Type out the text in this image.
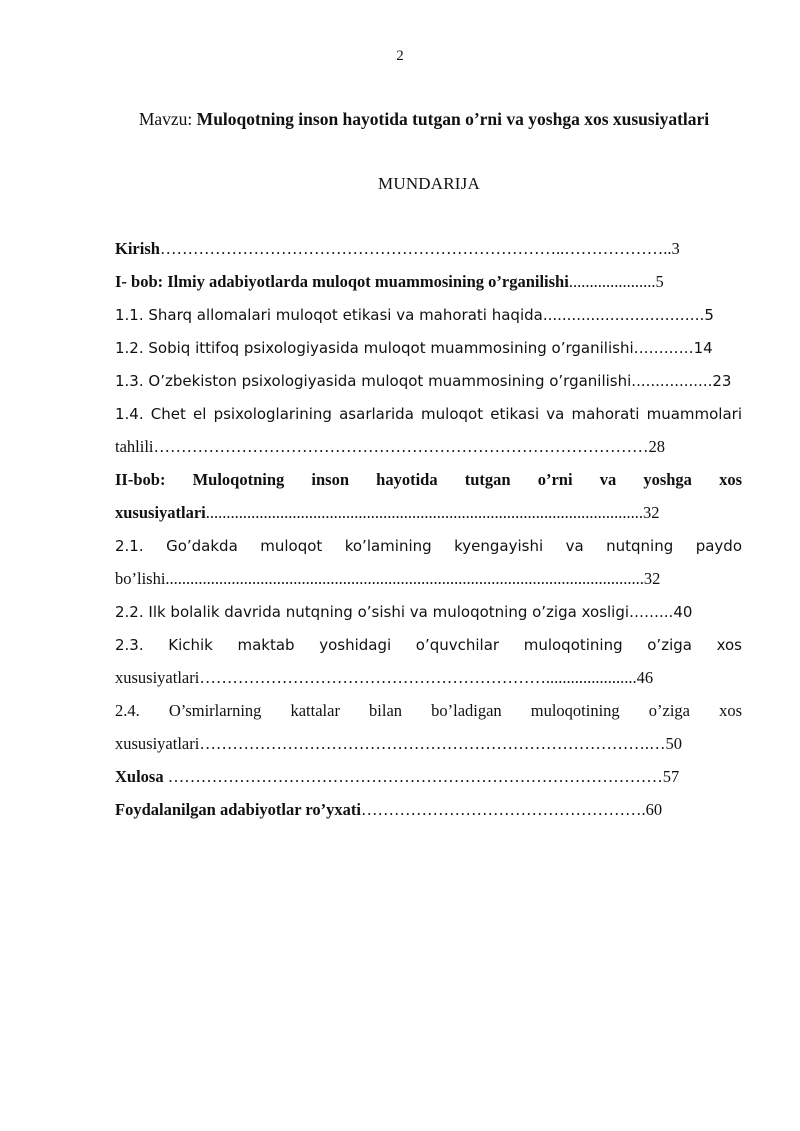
2
Mavzu: Muloqotning inson hayotida tutgan o’rni va yoshga xos xususiyatlari
MUNDARIJA
Kirish………………………………………………………………..………………..3
I- bob: Ilmiy adabiyotlarda muloqot muammosining o’rganilishi.....................5
1.1. Sharq allomalari muloqot etikasi va mahorati haqida..............……………….5
1.2. Sobiq ittifoq psixologiyasida muloqot muammosining o’rganilishi…………14
1.3. O’zbekiston psixologiyasida muloqot muammosining o’rganilishi.................23
1.4. Chet el psixologlarining asarlarida muloqot etikasi va mahorati muammolari
tahlili………………………………………………………………………………28
II-bob: Muloqotning inson hayotida tutgan o’rni va yoshga xos
xususiyatlari..........................................................................................................32
2.1. Go’dakda muloqot ko’lamining kyengayishi va nutqning paydo
bo’lishi....................................................................................................................32
2.2. Ilk bolalik davrida nutqning o’sishi va muloqotning o’ziga xosligi……...40
2.3. Kichik maktab yoshidagi o’quvchilar muloqotining o’ziga xos
xususiyatlari………………………………………………………......................46
2.4. O’smirlarning kattalar bilan bo’ladigan muloqotining o’ziga xos
xususiyatlari……………………………………………………………………….…50
Xulosa ………………………………………………………………………………57
Foydalanilgan adabiyotlar ro’yxati…………………………………………….60
